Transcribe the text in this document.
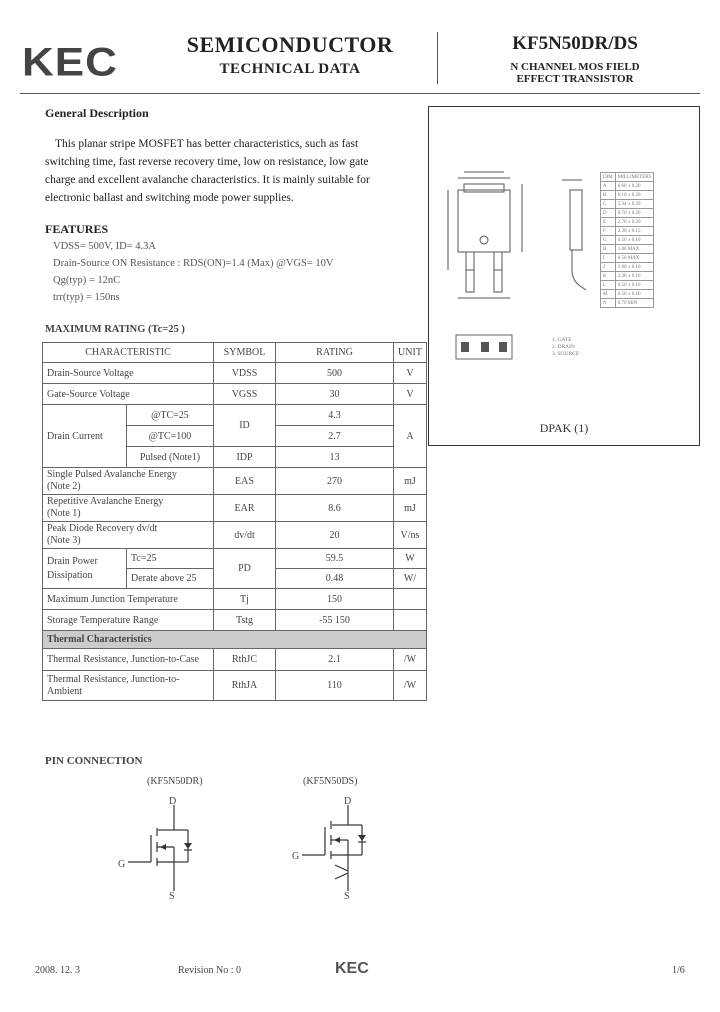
KEC	SEMICONDUCTOR
TECHNICAL DATA
KF5N50DR/DS
N CHANNEL MOS FIELD
EFFECT TRANSISTOR
General Description
This planar stripe MOSFET has better characteristics, such as fast
switching time, fast reverse recovery time, low on resistance, low gate
charge and excellent avalanche characteristics. It is mainly suitable for
electronic ballast and switching mode power supplies.
FEATURES
VDSS= 500V, ID= 4.3A
Drain-Source ON Resistance : RDS(ON)=1.4 (Max) @VGS= 10V
Qg(typ) = 12nC
trr(typ) = 150ns
MAXIMUM RATING (Tc=25 )
CHARACTERISTIC		SYMBOL	RATING	UNIT
Drain-Source Voltage		VDSS	500	V
Gate-Source Voltage		VGSS	30	V
Drain Current	@TC=25	ID	4.3	A
	@TC=100		2.7	
	Pulsed (Note1)	IDP	13	

Single Pulsed Avalanche Energy
(Note 2)		EAS	270	mJ

Repetitive Avalanche Energy
(Note 1)		EAR	8.6	mJ

Peak Diode Recovery dv/dt
(Note 3)		dv/dt	20	V/ns

Drain Power
Dissipation	Tc=25	PD	59.5	W
	Derate above 25		0.48	W/
Maximum Junction Temperature		Tj	150	
Storage Temperature Range		Tstg	-55 150	
Thermal Characteristics				
Thermal Resistance, Junction-to-Case		RthJC	2.1	/W

Thermal Resistance, Junction-to-
Ambient		RthJA	110	/W
DIM	MILLIMETERS
A	6.60 ± 0.20
B	6.10 ± 0.20
C	5.34 ± 0.20
D	0.70 ± 0.20
E	2.70 ± 0.20
F	2.30 ± 0.15
G	0.50 ± 0.10
H	1.00 MAX
I	0.50 MAX
J	1.00 ± 0.10
K	2.30 ± 0.10
L	0.50 ± 0.10
M	0.50 ± 0.10
N	0.70 MIN
1. GATE
2. DRAIN
3. SOURCE
DPAK (1)
PIN CONNECTION
(KF5N50DR)	(KF5N50DS)
D
G
S
D
G
S
2008. 12. 3	Revision No : 0	KEC	1/6
